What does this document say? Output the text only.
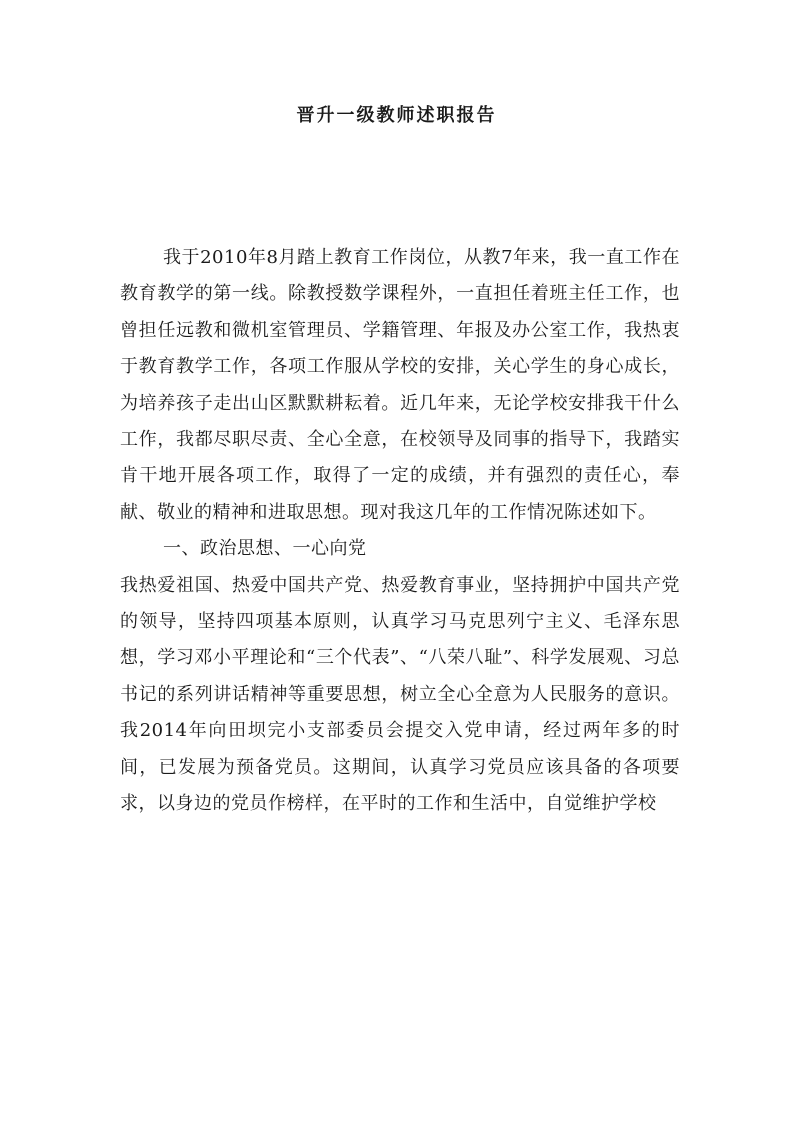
晋升一级教师述职报告

我于2010年8月踏上教育工作岗位，从教7年来，我一直工作在教育教学的第一线。除教授数学课程外，一直担任着班主任工作，也曾担任远教和微机室管理员、学籍管理、年报及办公室工作，我热衷于教育教学工作，各项工作服从学校的安排，关心学生的身心成长，为培养孩子走出山区默默耕耘着。近几年来，无论学校安排我干什么工作，我都尽职尽责、全心全意，在校领导及同事的指导下，我踏实肯干地开展各项工作，取得了一定的成绩，并有强烈的责任心，奉献、敬业的精神和进取思想。现对我这几年的工作情况陈述如下。

一、政治思想、一心向党

我热爱祖国、热爱中国共产党、热爱教育事业，坚持拥护中国共产党的领导，坚持四项基本原则，认真学习马克思列宁主义、毛泽东思想，学习邓小平理论和“三个代表”、“八荣八耻”、科学发展观、习总书记的系列讲话精神等重要思想，树立全心全意为人民服务的意识。我2014年向田坝完小支部委员会提交入党申请，经过两年多的时间，已发展为预备党员。这期间，认真学习党员应该具备的各项要求，以身边的党员作榜样，在平时的工作和生活中，自觉维护学校
